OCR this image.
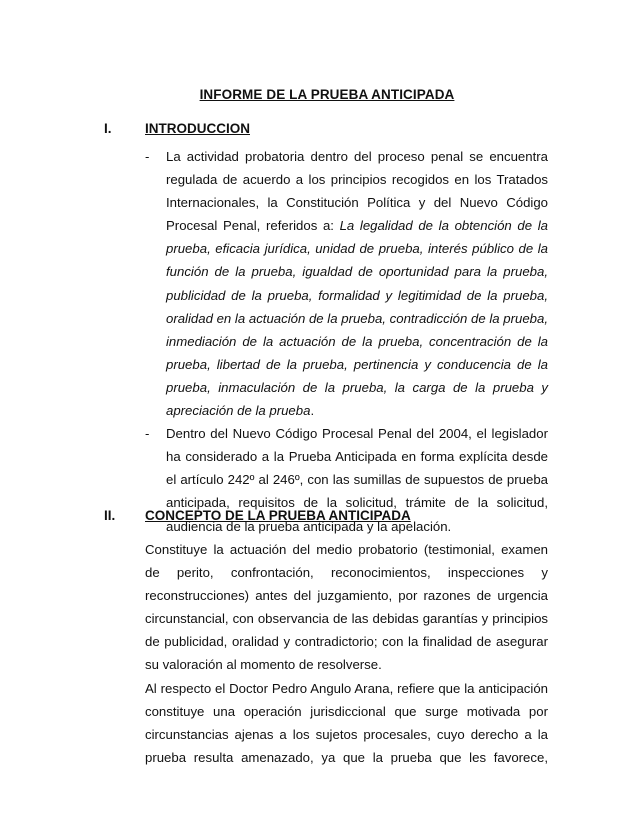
INFORME DE LA PRUEBA ANTICIPADA
I. INTRODUCCION
- La actividad probatoria dentro del proceso penal se encuentra regulada de acuerdo a los principios recogidos en los Tratados Internacionales, la Constitución Política y del Nuevo Código Procesal Penal, referidos a: La legalidad de la obtención de la prueba, eficacia jurídica, unidad de prueba, interés público de la función de la prueba, igualdad de oportunidad para la prueba, publicidad de la prueba, formalidad y legitimidad de la prueba, oralidad en la actuación de la prueba, contradicción de la prueba, inmediación de la actuación de la prueba, concentración de la prueba, libertad de la prueba, pertinencia y conducencia de la prueba, inmaculación de la prueba, la carga de la prueba y apreciación de la prueba.
- Dentro del Nuevo Código Procesal Penal del 2004, el legislador ha considerado a la Prueba Anticipada en forma explícita desde el artículo 242º al 246º, con las sumillas de supuestos de prueba anticipada, requisitos de la solicitud, trámite de la solicitud, audiencia de la prueba anticipada y la apelación.
II. CONCEPTO DE LA PRUEBA ANTICIPADA

Constituye la actuación del medio probatorio (testimonial, examen de perito, confrontación, reconocimientos, inspecciones y reconstrucciones) antes del juzgamiento, por razones de urgencia circunstancial, con observancia de las debidas garantías y principios de publicidad, oralidad y contradictorio; con la finalidad de asegurar su valoración al momento de resolverse.

Al respecto el Doctor Pedro Angulo Arana, refiere que la anticipación constituye una operación jurisdiccional que surge motivada por circunstancias ajenas a los sujetos procesales, cuyo derecho a la prueba resulta amenazado, ya que la prueba que les favorece,
